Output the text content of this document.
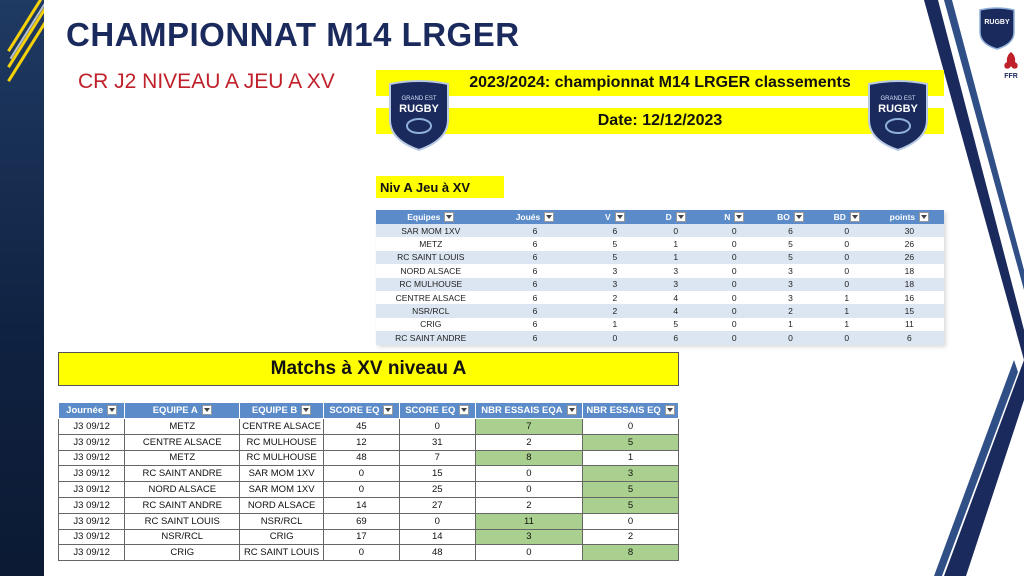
CHAMPIONNAT M14 LRGER
CR J2 NIVEAU A JEU A XV
RUGBY
FFR
2023/2024: championnat M14 LRGER classements
Date: 12/12/2023
GRAND EST
RUGBY
GRAND EST
RUGBY
Niv A Jeu à XV
Equipes	Joués	V	D	N	BO	BD	points
SAR MOM 1XV	6	6	0	0	6	0	30
METZ	6	5	1	0	5	0	26
RC SAINT LOUIS	6	5	1	0	5	0	26
NORD ALSACE	6	3	3	0	3	0	18
RC MULHOUSE	6	3	3	0	3	0	18
CENTRE ALSACE	6	2	4	0	3	1	16
NSR/RCL	6	2	4	0	2	1	15
CRIG	6	1	5	0	1	1	11
RC SAINT ANDRE	6	0	6	0	0	0	6
Matchs à XV niveau A
Journée	EQUIPE A	EQUIPE B	SCORE EQ	SCORE EQ	NBR ESSAIS EQA	NBR ESSAIS EQ
J3 09/12	METZ	CENTRE ALSACE	45	0	7	0
J3 09/12	CENTRE ALSACE	RC MULHOUSE	12	31	2	5
J3 09/12	METZ	RC MULHOUSE	48	7	8	1
J3 09/12	RC SAINT ANDRE	SAR MOM 1XV	0	15	0	3
J3 09/12	NORD ALSACE	SAR MOM 1XV	0	25	0	5
J3 09/12	RC SAINT ANDRE	NORD ALSACE	14	27	2	5
J3 09/12	RC SAINT LOUIS	NSR/RCL	69	0	11	0
J3 09/12	NSR/RCL	CRIG	17	14	3	2
J3 09/12	CRIG	RC SAINT LOUIS	0	48	0	8
